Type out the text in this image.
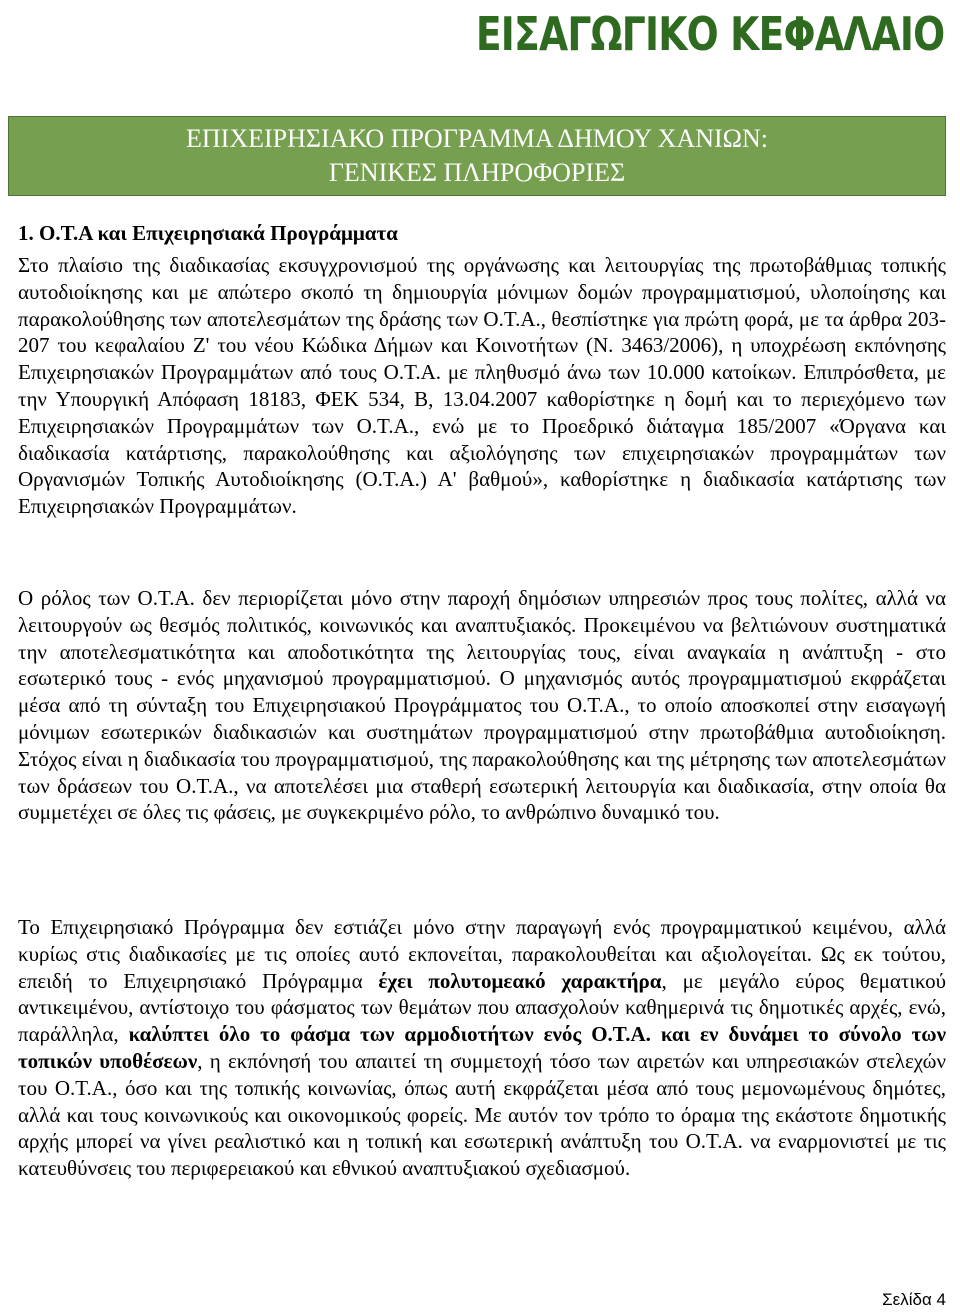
ΕΙΣΑΓΩΓΙΚΟ ΚΕΦΑΛΑΙΟ
ΕΠΙΧΕΙΡΗΣΙΑΚΟ ΠΡΟΓΡΑΜΜΑ ΔΗΜΟΥ ΧΑΝΙΩΝ:
ΓΕΝΙΚΕΣ ΠΛΗΡΟΦΟΡΙΕΣ
1. Ο.Τ.Α και Επιχειρησιακά Προγράμματα

Στο πλαίσιο της διαδικασίας εκσυγχρονισμού της οργάνωσης και λειτουργίας της πρωτοβάθμιας τοπικής αυτοδιοίκησης και με απώτερο σκοπό τη δημιουργία μόνιμων δομών προγραμματισμού, υλοποίησης και παρακολούθησης των αποτελεσμάτων της δράσης των Ο.Τ.Α., θεσπίστηκε για πρώτη φορά, με τα άρθρα 203-207 του κεφαλαίου Ζ' του νέου Κώδικα Δήμων και Κοινοτήτων (Ν. 3463/2006), η υποχρέωση εκπόνησης Επιχειρησιακών Προγραμμάτων από τους Ο.Τ.Α. με πληθυσμό άνω των 10.000 κατοίκων. Επιπρόσθετα, με την Υπουργική Απόφαση 18183, ΦΕΚ 534, Β, 13.04.2007 καθορίστηκε η δομή και το περιεχόμενο των Επιχειρησιακών Προγραμμάτων των Ο.Τ.Α., ενώ με το Προεδρικό διάταγμα 185/2007 «Όργανα και διαδικασία κατάρτισης, παρακολούθησης και αξιολόγησης των επιχειρησιακών προγραμμάτων των Οργανισμών Τοπικής Αυτοδιοίκησης (Ο.Τ.Α.) Α' βαθμού», καθορίστηκε η διαδικασία κατάρτισης των Επιχειρησιακών Προγραμμάτων.

Ο ρόλος των Ο.Τ.Α. δεν περιορίζεται μόνο στην παροχή δημόσιων υπηρεσιών προς τους πολίτες, αλλά να λειτουργούν ως θεσμός πολιτικός, κοινωνικός και αναπτυξιακός. Προκειμένου να βελτιώνουν συστηματικά την αποτελεσματικότητα και αποδοτικότητα της λειτουργίας τους, είναι αναγκαία η ανάπτυξη - στο εσωτερικό τους - ενός μηχανισμού προγραμματισμού. Ο μηχανισμός αυτός προγραμματισμού εκφράζεται μέσα από τη σύνταξη του Επιχειρησιακού Προγράμματος του Ο.Τ.Α., το οποίο αποσκοπεί στην εισαγωγή μόνιμων εσωτερικών διαδικασιών και συστημάτων προγραμματισμού στην πρωτοβάθμια αυτοδιοίκηση. Στόχος είναι η διαδικασία του προγραμματισμού, της παρακολούθησης και της μέτρησης των αποτελεσμάτων των δράσεων του Ο.Τ.Α., να αποτελέσει μια σταθερή εσωτερική λειτουργία και διαδικασία, στην οποία θα συμμετέχει σε όλες τις φάσεις, με συγκεκριμένο ρόλο, το ανθρώπινο δυναμικό του.

Το Επιχειρησιακό Πρόγραμμα δεν εστιάζει μόνο στην παραγωγή ενός προγραμματικού κειμένου, αλλά κυρίως στις διαδικασίες με τις οποίες αυτό εκπονείται, παρακολουθείται και αξιολογείται. Ως εκ τούτου, επειδή το Επιχειρησιακό Πρόγραμμα έχει πολυτομεακό χαρακτήρα, με μεγάλο εύρος θεματικού αντικειμένου, αντίστοιχο του φάσματος των θεμάτων που απασχολούν καθημερινά τις δημοτικές αρχές, ενώ, παράλληλα, καλύπτει όλο το φάσμα των αρμοδιοτήτων ενός Ο.Τ.Α. και εν δυνάμει το σύνολο των τοπικών υποθέσεων, η εκπόνησή του απαιτεί τη συμμετοχή τόσο των αιρετών και υπηρεσιακών στελεχών του Ο.Τ.Α., όσο και της τοπικής κοινωνίας, όπως αυτή εκφράζεται μέσα από τους μεμονωμένους δημότες, αλλά και τους κοινωνικούς και οικονομικούς φορείς. Με αυτόν τον τρόπο το όραμα της εκάστοτε δημοτικής αρχής μπορεί να γίνει ρεαλιστικό και η τοπική και εσωτερική ανάπτυξη του Ο.Τ.Α. να εναρμονιστεί με τις κατευθύνσεις του περιφερειακού και εθνικού αναπτυξιακού σχεδιασμού.

Σελίδα 4
